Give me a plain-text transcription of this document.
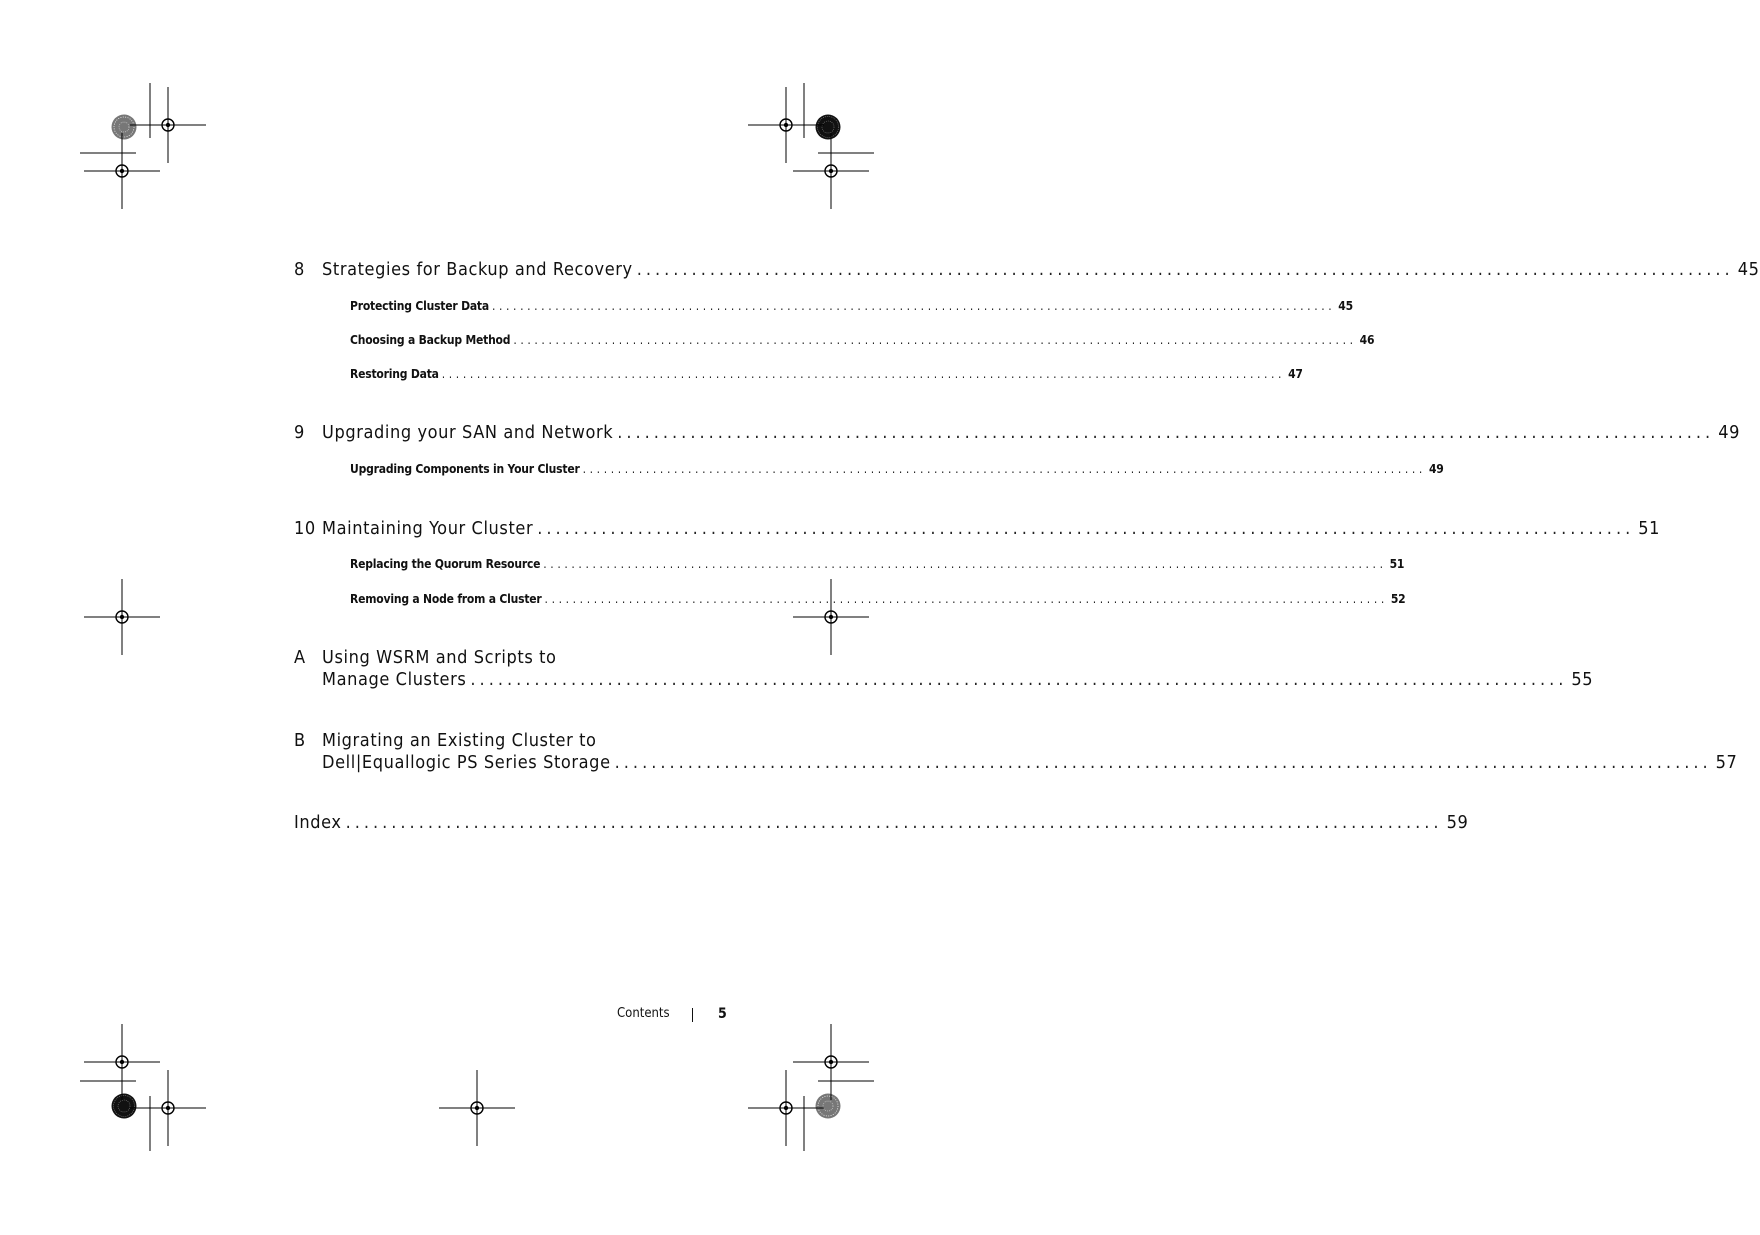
8 Strategies for Backup and Recovery ........................................................................................................................ 45
Protecting Cluster Data ........................................................................................................................ 45
Choosing a Backup Method ........................................................................................................................ 46
Restoring Data ........................................................................................................................ 47
9 Upgrading your SAN and Network ........................................................................................................................ 49
Upgrading Components in Your Cluster ........................................................................................................................ 49
10 Maintaining Your Cluster ........................................................................................................................ 51
Replacing the Quorum Resource ........................................................................................................................ 51
Removing a Node from a Cluster ........................................................................................................................ 52
A Using WSRM and Scripts to
Manage Clusters ........................................................................................................................ 55
B Migrating an Existing Cluster to
Dell|Equallogic PS Series Storage ........................................................................................................................ 57
Index ........................................................................................................................ 59
Contents	5
